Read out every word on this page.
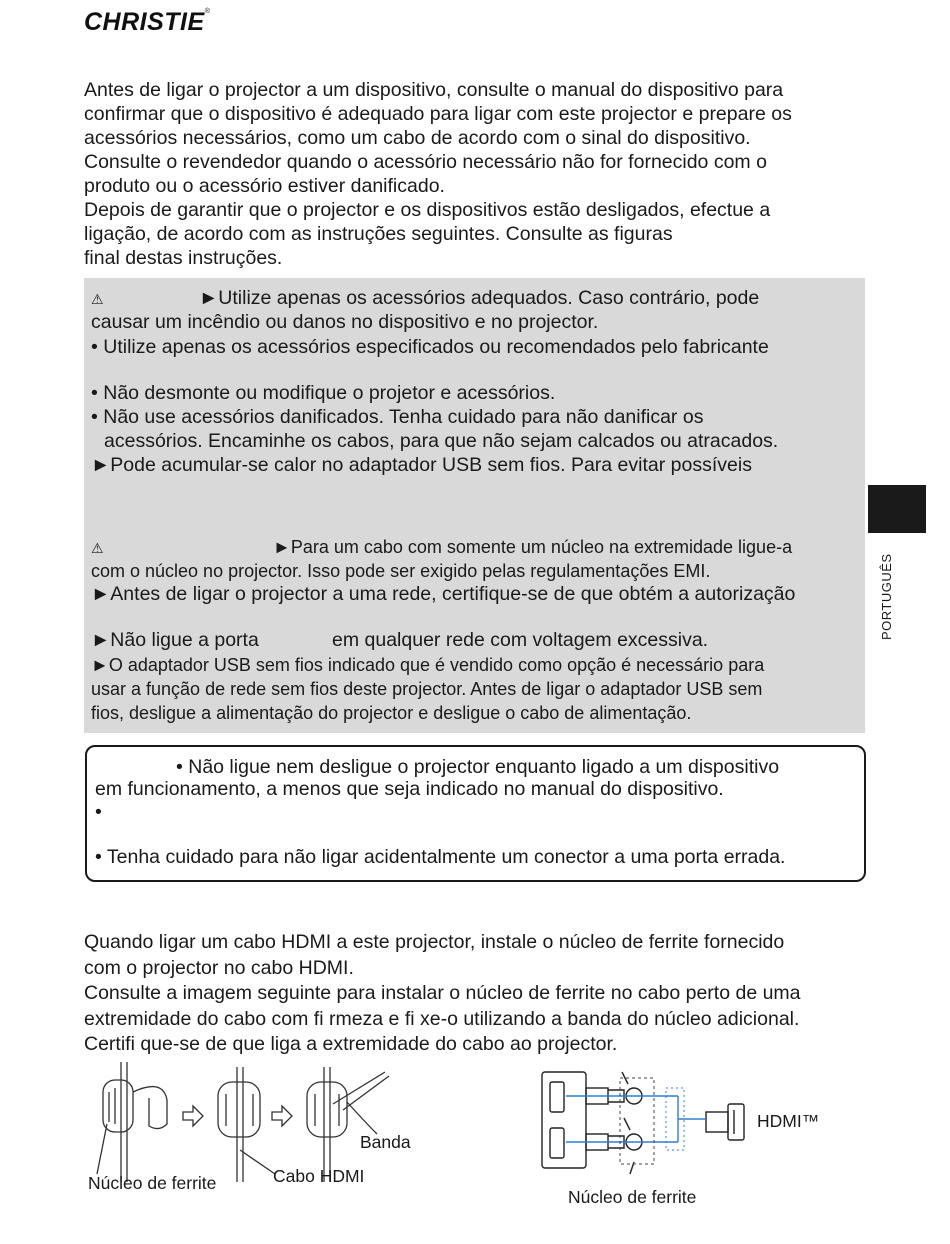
CHRISTIE®
Antes de ligar o projector a um dispositivo, consulte o manual do dispositivo para
confirmar que o dispositivo é adequado para ligar com este projector e prepare os
acessórios necessários, como um cabo de acordo com o sinal do dispositivo.
Consulte o revendedor quando o acessório necessário não for fornecido com o
produto ou o acessório estiver danificado.
Depois de garantir que o projector e os dispositivos estão desligados, efectue a
ligação, de acordo com as instruções seguintes. Consulte as figuras
final destas instruções.
⚠	►Utilize apenas os acessórios adequados. Caso contrário, pode
causar um incêndio ou danos no dispositivo e no projector.
• Utilize apenas os acessórios especificados ou recomendados pelo fabricante
• Não desmonte ou modifique o projetor e acessórios.
• Não use acessórios danificados. Tenha cuidado para não danificar os
acessórios. Encaminhe os cabos, para que não sejam calcados ou atracados.
►Pode acumular-se calor no adaptador USB sem fios. Para evitar possíveis
⚠	►Para um cabo com somente um núcleo na extremidade ligue-a
com o núcleo no projector. Isso pode ser exigido pelas regulamentações EMI.
►Antes de ligar o projector a uma rede, certifique-se de que obtém a autorização
►Não ligue a porta	em qualquer rede com voltagem excessiva.
►O adaptador USB sem fios indicado que é vendido como opção é necessário para
usar a função de rede sem fios deste projector. Antes de ligar o adaptador USB sem
fios, desligue a alimentação do projector e desligue o cabo de alimentação.
• Não ligue nem desligue o projector enquanto ligado a um dispositivo
em funcionamento, a menos que seja indicado no manual do dispositivo.
•
• Tenha cuidado para não ligar acidentalmente um conector a uma porta errada.
Quando ligar um cabo HDMI a este projector, instale o núcleo de ferrite fornecido
com o projector no cabo HDMI.
Consulte a imagem seguinte para instalar o núcleo de ferrite no cabo perto de uma
extremidade do cabo com fi rmeza e fi xe-o utilizando a banda do núcleo adicional.
Certifi que-se de que liga a extremidade do cabo ao projector.
Banda
Núcleo de ferrite	Cabo HDMI
HDMI™
Núcleo de ferrite
PORTUGUÊS
